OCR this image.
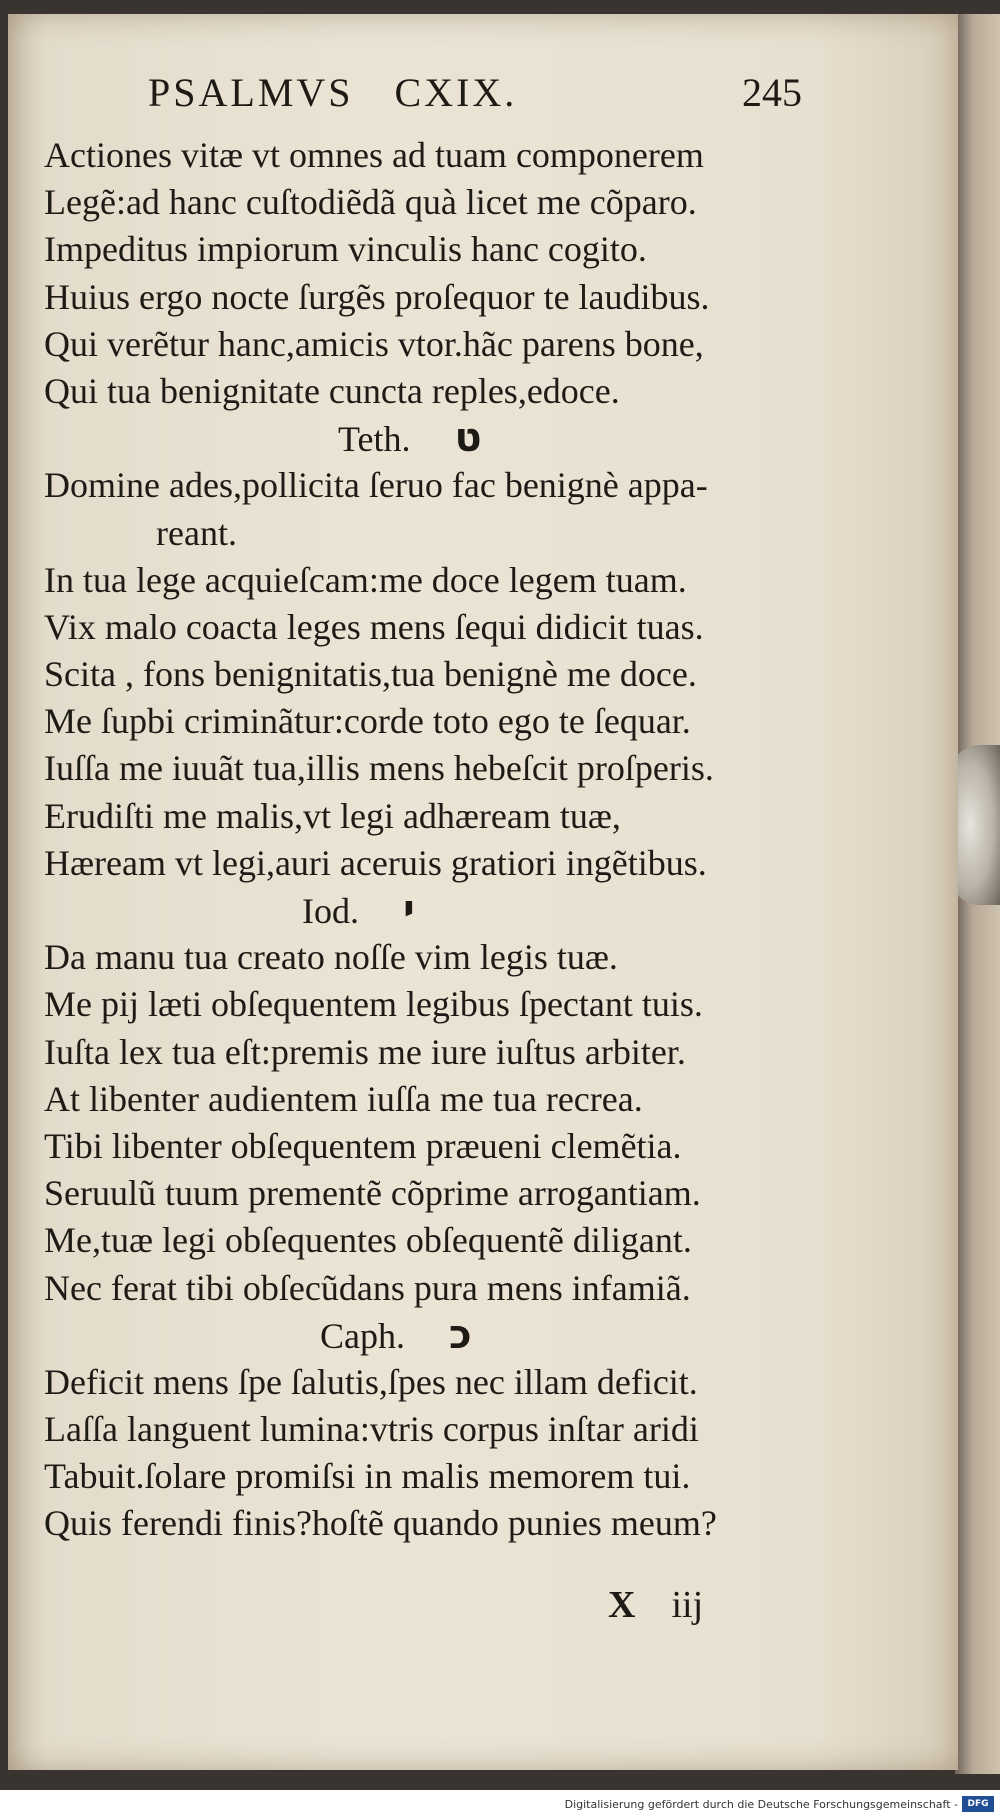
PSALMVS CXIX.	245
Actiones vitæ vt omnes ad tuam componerem
Legẽ:ad hanc cuſtodiẽdã quà licet me cõparo.
Impeditus impiorum vinculis hanc cogito.
Huius ergo nocte ſurgẽs proſequor te laudibus.
Qui verẽtur hanc,amicis vtor.hãc parens bone,
Qui tua benignitate cuncta reples,edoce.
Teth. ט
Domine ades,pollicita ſeruo fac benignè appa-
reant.
In tua lege acquieſcam:me doce legem tuam.
Vix malo coacta leges mens ſequi didicit tuas.
Scita , fons benignitatis,tua benignè me doce.
Me ſupbi criminãtur:corde toto ego te ſequar.
Iuſſa me iuuãt tua,illis mens hebeſcit proſperis.
Erudiſti me malis,vt legi adhæream tuæ,
Hæream vt legi,auri aceruis gratiori ingẽtibus.
Iod. י
Da manu tua creato noſſe vim legis tuæ.
Me pij læti obſequentem legibus ſpectant tuis.
Iuſta lex tua eſt:premis me iure iuſtus arbiter.
At libenter audientem iuſſa me tua recrea.
Tibi libenter obſequentem præueni clemẽtia.
Seruulũ tuum prementẽ cõprime arrogantiam.
Me,tuæ legi obſequentes obſequentẽ diligant.
Nec ferat tibi obſecũdans pura mens infamiã.
Caph. כ
Deficit mens ſpe ſalutis,ſpes nec illam deficit.
Laſſa languent lumina:vtris corpus inſtar aridi
Tabuit.ſolare promiſsi in malis memorem tui.
Quis ferendi finis?hoſtẽ quando punies meum?
X iij
Digitalisierung gefördert durch die Deutsche Forschungsgemeinschaft -	DFG
